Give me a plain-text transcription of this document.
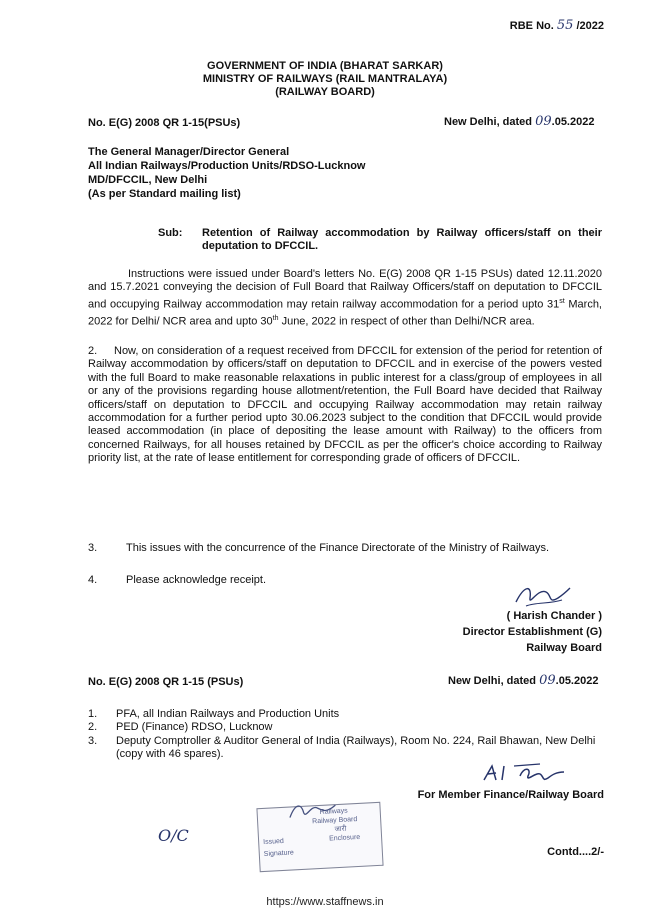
RBE No. 55 /2022
GOVERNMENT OF INDIA (BHARAT SARKAR)
MINISTRY OF RAILWAYS (RAIL MANTRALAYA)
(RAILWAY BOARD)
No. E(G) 2008 QR 1-15(PSUs)	New Delhi, dated 09.05.2022
The General Manager/Director General
All Indian Railways/Production Units/RDSO-Lucknow
MD/DFCCIL, New Delhi
(As per Standard mailing list)
Sub: Retention of Railway accommodation by Railway officers/staff on their deputation to DFCCIL.
Instructions were issued under Board's letters No. E(G) 2008 QR 1-15 PSUs) dated 12.11.2020 and 15.7.2021 conveying the decision of Full Board that Railway Officers/staff on deputation to DFCCIL and occupying Railway accommodation may retain railway accommodation for a period upto 31st March, 2022 for Delhi/ NCR area and upto 30th June, 2022 in respect of other than Delhi/NCR area.
2. Now, on consideration of a request received from DFCCIL for extension of the period for retention of Railway accommodation by officers/staff on deputation to DFCCIL and in exercise of the powers vested with the full Board to make reasonable relaxations in public interest for a class/group of employees in all or any of the provisions regarding house allotment/retention, the Full Board have decided that Railway officers/staff on deputation to DFCCIL and occupying Railway accommodation may retain railway accommodation for a further period upto 30.06.2023 subject to the condition that DFCCIL would provide leased accommodation (in place of depositing the lease amount with Railway) to the officers from concerned Railways, for all houses retained by DFCCIL as per the officer's choice according to Railway priority list, at the rate of lease entitlement for corresponding grade of officers of DFCCIL.
3.	This issues with the concurrence of the Finance Directorate of the Ministry of Railways.
4.	Please acknowledge receipt.
( Harish Chander )
Director Establishment (G)
Railway Board
No. E(G) 2008 QR 1-15 (PSUs)	New Delhi, dated 09.05.2022
1. PFA, all Indian Railways and Production Units
2. PED (Finance) RDSO, Lucknow
3. Deputy Comptroller & Auditor General of India (Railways), Room No. 224, Rail Bhawan, New Delhi (copy with 46 spares).
For Member Finance/Railway Board
O/C
Railways
Railway Board
जारी
Issued	Enclosure
Signature	Contd....2/-
https://www.staffnews.in
